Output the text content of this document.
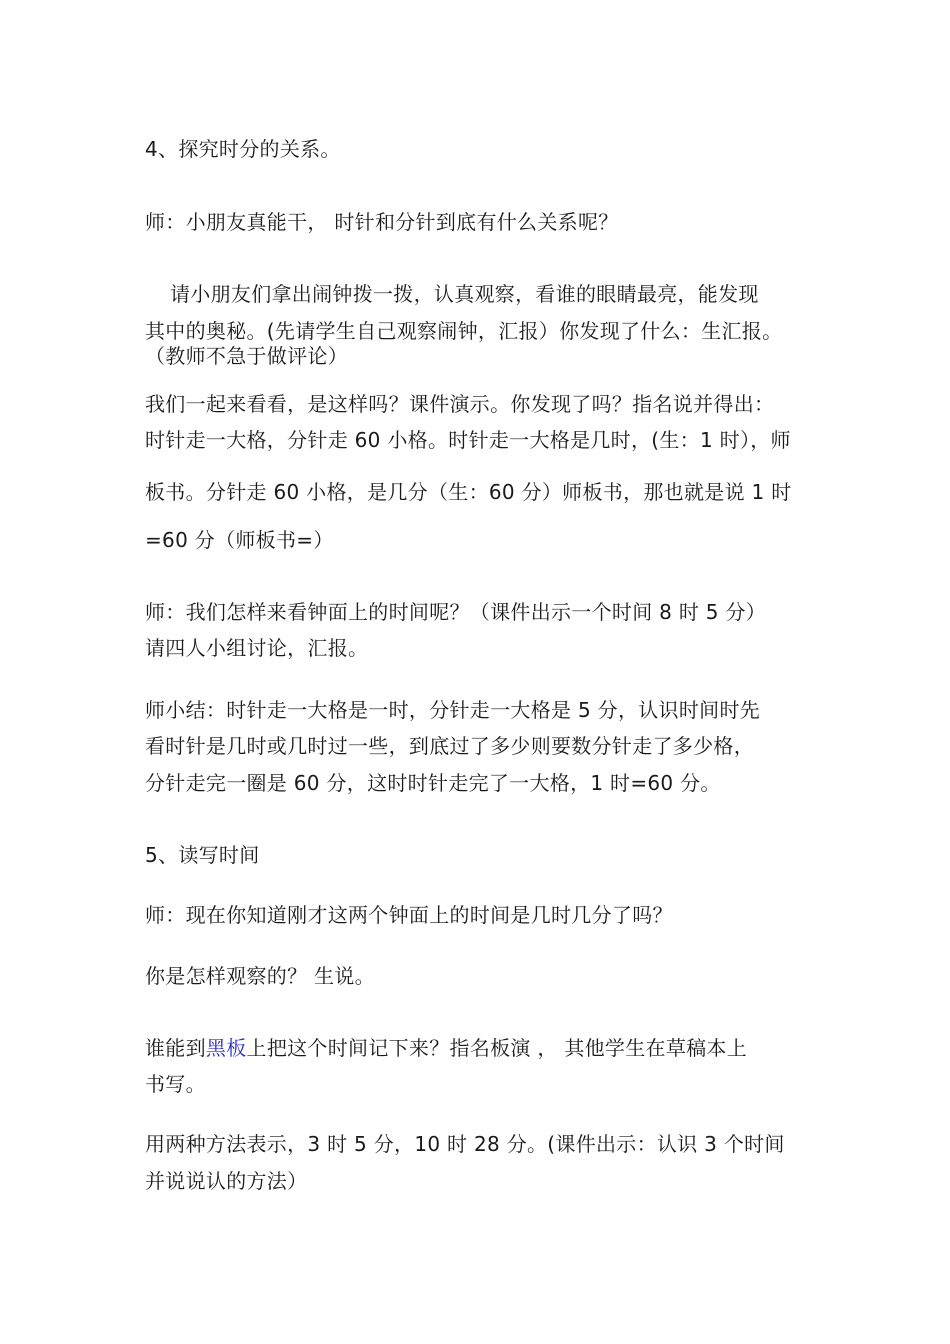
4、探究时分的关系。
师：小朋友真能干， 时针和分针到底有什么关系呢？
请小朋友们拿出闹钟拨一拨，认真观察，看谁的眼睛最亮，能发现
其中的奥秘。(先请学生自己观察闹钟，汇报）你发现了什么：生汇报。
（教师不急于做评论）
我们一起来看看，是这样吗？课件演示。你发现了吗？指名说并得出：
时针走一大格，分针走 60 小格。时针走一大格是几时，(生：1 时），师
板书。分针走 60 小格，是几分（生：60 分）师板书，那也就是说 1 时
=60 分（师板书=）
师：我们怎样来看钟面上的时间呢？（课件出示一个时间 8 时 5 分）
请四人小组讨论，汇报。
师小结：时针走一大格是一时，分针走一大格是 5 分，认识时间时先
看时针是几时或几时过一些，到底过了多少则要数分针走了多少格，
分针走完一圈是 60 分，这时时针走完了一大格，1 时=60 分。
5、读写时间
师：现在你知道刚才这两个钟面上的时间是几时几分了吗？
你是怎样观察的？ 生说。
谁能到黑板上把这个时间记下来？指名板演 ， 其他学生在草稿本上
书写。
用两种方法表示，3 时 5 分，10 时 28 分。(课件出示：认识 3 个时间
并说说认的方法）
